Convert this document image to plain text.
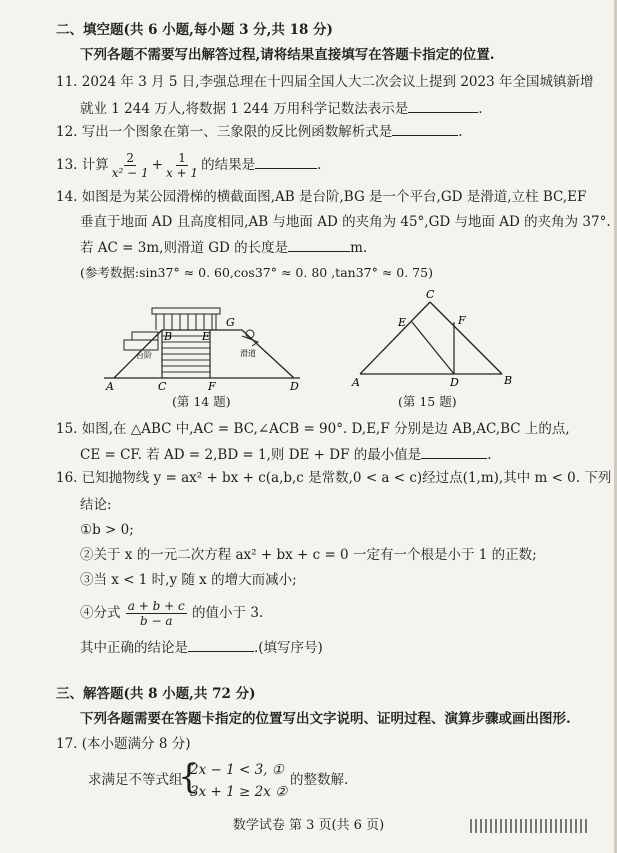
二、填空题(共 6 小题,每小题 3 分,共 18 分)
下列各题不需要写出解答过程,请将结果直接填写在答题卡指定的位置.
11. 2024 年 3 月 5 日,李强总理在十四届全国人大二次会议上提到 2023 年全国城镇新增
就业 1 244 万人,将数据 1 244 万用科学记数法表示是	.
12. 写出一个图象在第一、三象限的反比例函数解析式是	.
13. 计算 $\frac{2}{\text{x² − 1}} + \frac{1}{x + 1}$ 的结果是	.
14. 如图是为某公园滑梯的横截面图,AB 是台阶,BG 是一个平台,GD 是滑道,立柱 BC,EF
垂直于地面 AD 且高度相同,AB 与地面 AD 的夹角为 45°,GD 与地面 AD 的夹角为 37°.
若 AC = 3m,则滑道 GD 的长度是	m.
(参考数据:sin37° ≈ 0. 60,cos37° ≈ 0. 80 ,tan37° ≈ 0. 75)
A
B
C	D
E
F
G
台阶	滑道
(第 14 题)
C
E	F
A	D	B
(第 15 题)
15. 如图,在 △ABC 中,AC = BC,∠ACB = 90°. D,E,F 分别是边 AB,AC,BC 上的点,
CE = CF. 若 AD = 2,BD = 1,则 DE + DF 的最小值是	.
16. 已知抛物线 y = ax² + bx + c(a,b,c 是常数,0 < a < c)经过点(1,m),其中 m < 0. 下列
结论:
①b > 0;
②关于 x 的一元二次方程 ax² + bx + c = 0 一定有一个根是小于 1 的正数;
③当 x < 1 时,y 随 x 的增大而减小;
④分式 $\frac{a + b + c}{b - a}$ 的值小于 3.
其中正确的结论是	.(填写序号)
三、解答题(共 8 小题,共 72 分)
下列各题需要在答题卡指定的位置写出文字说明、证明过程、演算步骤或画出图形.
17. (本小题满分 8 分)
求满足不等式组
{
2x − 1 < 3, ①
3x + 1 ≥ 2x ②
的整数解.
数学试卷 第 3 页(共 6 页)
